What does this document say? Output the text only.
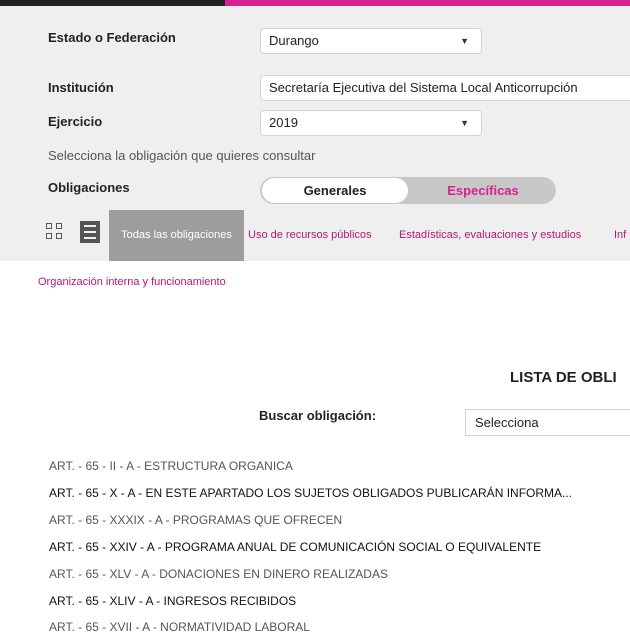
Estado o Federación	Durango	▼
Institución	Secretaría Ejecutiva del Sistema Local Anticorrupción
Ejercicio	2019	▼
Selecciona la obligación que quieres consultar
Obligaciones	Generales	Específicas
Todas las obligaciones	Uso de recursos públicos Estadísticas, evaluaciones y estudios	Inf
Organización interna y funcionamiento
LISTA DE OBLI
Buscar obligación:	Selecciona
ART. - 65 - II - A - ESTRUCTURA ORGANICA
ART. - 65 - X - A - EN ESTE APARTADO LOS SUJETOS OBLIGADOS PUBLICARÁN INFORMA...
ART. - 65 - XXXIX - A - PROGRAMAS QUE OFRECEN
ART. - 65 - XXIV - A - PROGRAMA ANUAL DE COMUNICACIÓN SOCIAL O EQUIVALENTE
ART. - 65 - XLV - A - DONACIONES EN DINERO REALIZADAS
ART. - 65 - XLIV - A - INGRESOS RECIBIDOS
ART. - 65 - XVII - A - NORMATIVIDAD LABORAL
